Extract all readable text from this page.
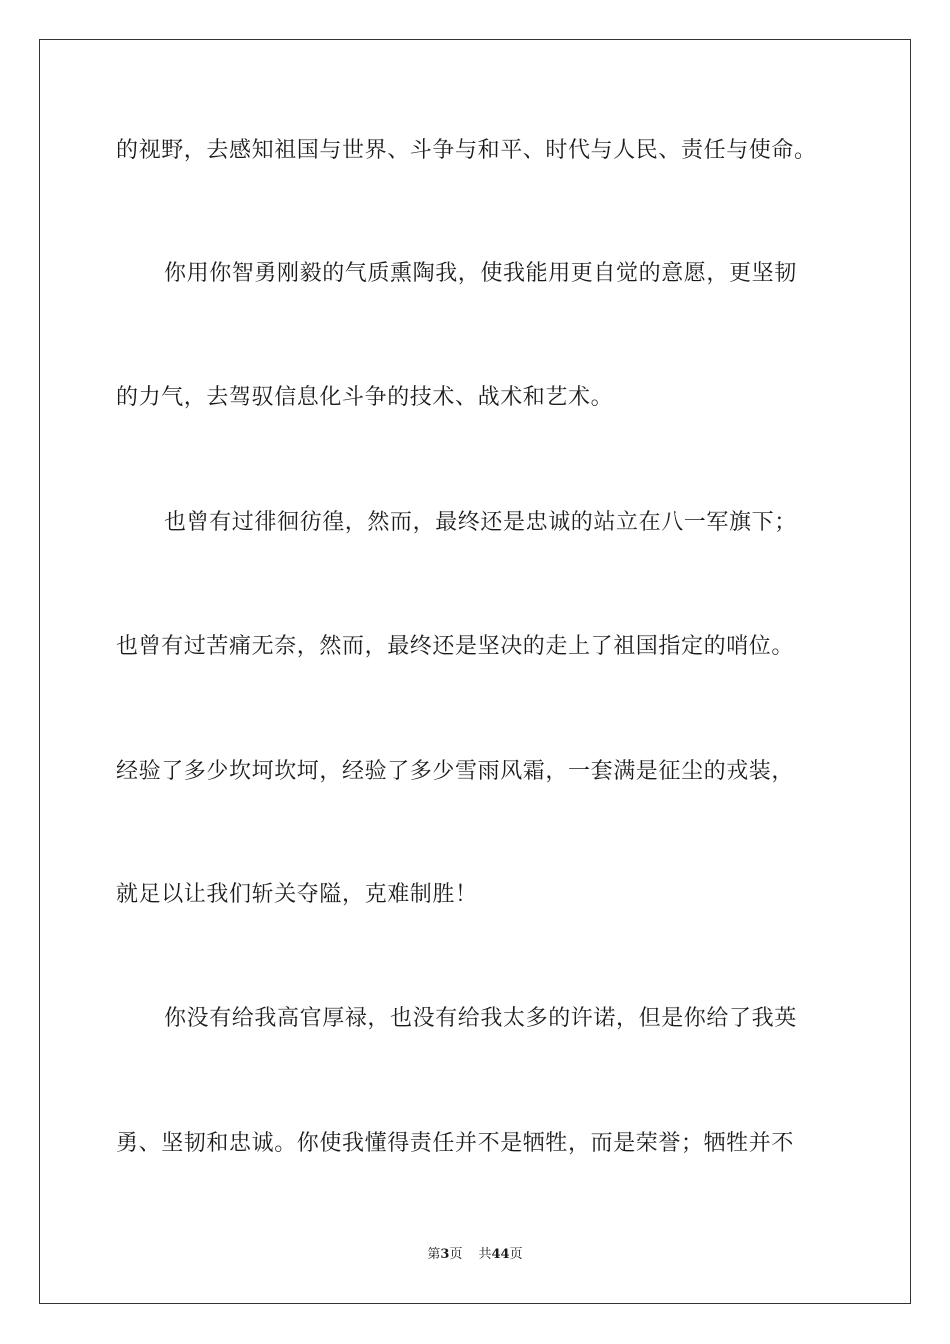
的视野，去感知祖国与世界、斗争与和平、时代与人民、责任与使命。
你用你智勇刚毅的气质熏陶我，使我能用更自觉的意愿，更坚韧
的力气，去驾驭信息化斗争的技术、战术和艺术。
也曾有过徘徊彷徨，然而，最终还是忠诚的站立在八一军旗下；
也曾有过苦痛无奈，然而，最终还是坚决的走上了祖国指定的哨位。
经验了多少坎坷坎坷，经验了多少雪雨风霜，一套满是征尘的戎装，
就足以让我们斩关夺隘，克难制胜！
你没有给我高官厚禄，也没有给我太多的许诺，但是你给了我英
勇、坚韧和忠诚。你使我懂得责任并不是牺牲，而是荣誉；牺牲并不
第3页 共44页
